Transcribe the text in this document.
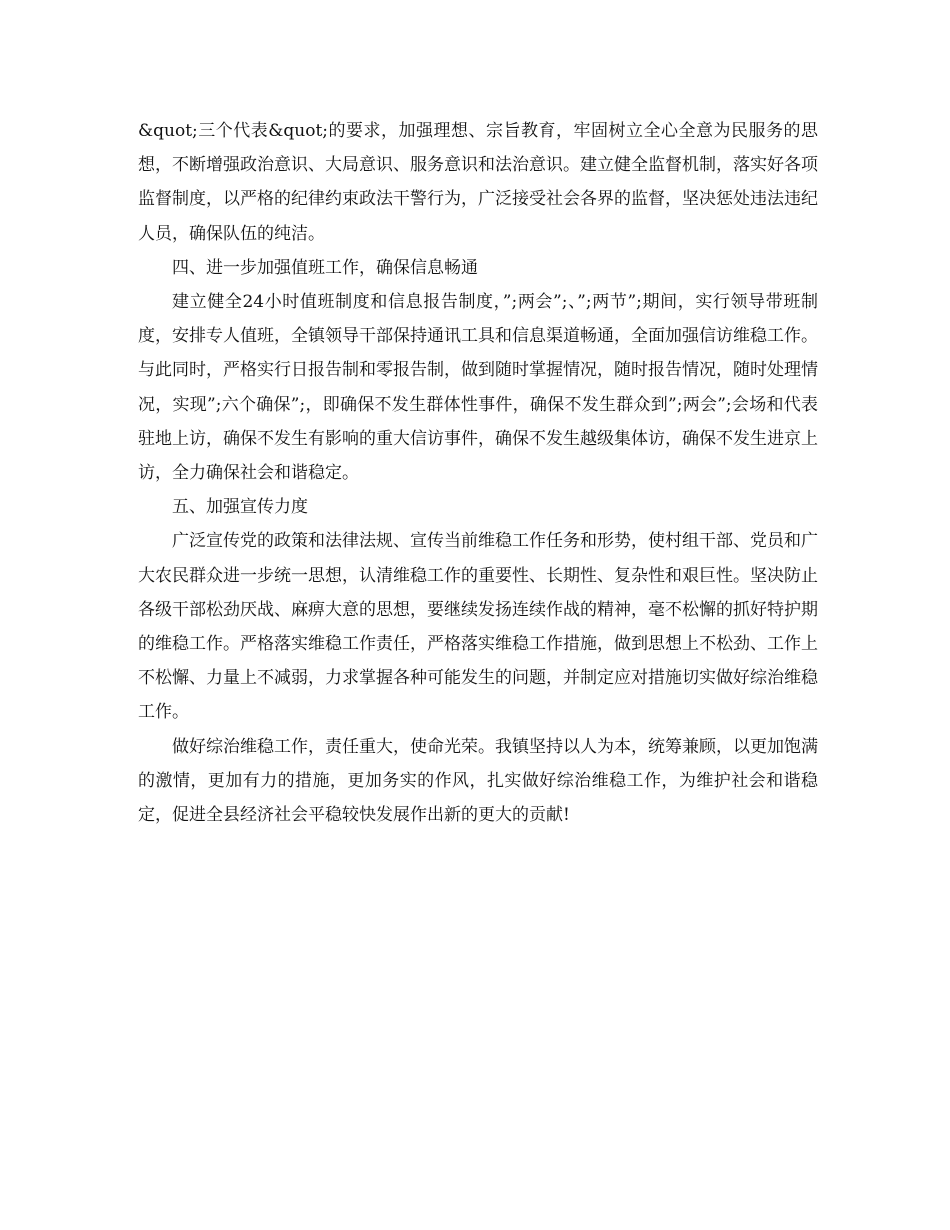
&quot;三个代表&quot;的要求，加强理想、宗旨教育，牢固树立全心全意为民服务的思想，不断增强政治意识、大局意识、服务意识和法治意识。建立健全监督机制，落实好各项监督制度，以严格的纪律约束政法干警行为，广泛接受社会各界的监督，坚决惩处违法违纪人员，确保队伍的纯洁。

四、进一步加强值班工作，确保信息畅通

建立健全24小时值班制度和信息报告制度，”;两会”;、”;两节”;期间，实行领导带班制度，安排专人值班，全镇领导干部保持通讯工具和信息渠道畅通，全面加强信访维稳工作。与此同时，严格实行日报告制和零报告制，做到随时掌握情况，随时报告情况，随时处理情况，实现”;六个确保”;，即确保不发生群体性事件，确保不发生群众到”;两会”;会场和代表驻地上访，确保不发生有影响的重大信访事件，确保不发生越级集体访，确保不发生进京上访，全力确保社会和谐稳定。

五、加强宣传力度

广泛宣传党的政策和法律法规、宣传当前维稳工作任务和形势，使村组干部、党员和广大农民群众进一步统一思想，认清维稳工作的重要性、长期性、复杂性和艰巨性。坚决防止各级干部松劲厌战、麻痹大意的思想，要继续发扬连续作战的精神，毫不松懈的抓好特护期的维稳工作。严格落实维稳工作责任，严格落实维稳工作措施，做到思想上不松劲、工作上不松懈、力量上不减弱，力求掌握各种可能发生的问题，并制定应对措施切实做好综治维稳工作。

做好综治维稳工作，责任重大，使命光荣。我镇坚持以人为本，统筹兼顾，以更加饱满的激情，更加有力的措施，更加务实的作风，扎实做好综治维稳工作，为维护社会和谐稳定，促进全县经济社会平稳较快发展作出新的更大的贡献!
